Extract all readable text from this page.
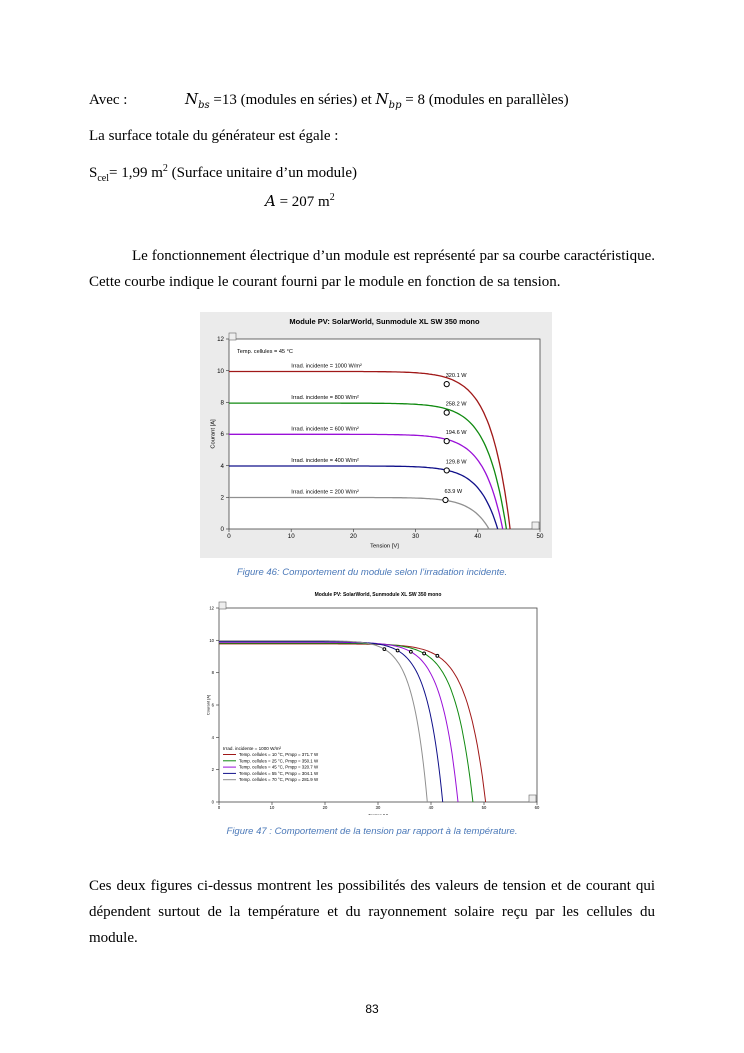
Avec :	$N_{bs} =13$ (modules en séries) et $N_{bp} = 8$ (modules en parallèles)
La surface totale du générateur est égale :
$S_{cel}= 1,99$ $m^2$ (Surface unitaire d’un module)
A = 207 $m^2$

Le fonctionnement électrique d’un module est représenté par sa courbe caractéristique. Cette courbe indique le courant fourni par le module en fonction de sa tension.

Module PV: SolarWorld, Sunmodule XL SW 350 mono
0	10	20	30	40	50
0
2
4
6
8
10
12
Tension [V]
Courant [A]
Irrad. incidente = 1000 W/m²
320.1 W
Irrad. incidente = 800 W/m²
258.2 W
Irrad. incidente = 600 W/m²
194.6 W
Irrad. incidente = 400 W/m²	129.8 W
Irrad. incidente = 200 W/m²	63.9 W
Temp. cellules = 45 °C
Figure 46: Comportement du module selon l’irradation incidente.
Module PV: SolarWorld, Sunmodule XL SW 350 mono
0	10	20	30	40	50	60
0
2
4
6
8
10
12
Tension [V]
Courant [A]
Irrad. incidente = 1000 W/m²
Temp. cellules = 10 °C, Pmpp = 371.7 W
Temp. cellules = 25 °C, Pmpp = 350.1 W
Temp. cellules = 45 °C, Pmpp = 320.7 W
Temp. cellules = 55 °C, Pmpp = 304.1 W
Temp. cellules = 70 °C, Pmpp = 281.9 W
Figure 47 : Comportement de la tension par rapport à la température.

Ces deux figures ci-dessus montrent les possibilités des valeurs de tension et de courant qui dépendent surtout de la température et du rayonnement solaire reçu par les cellules du module.

83
